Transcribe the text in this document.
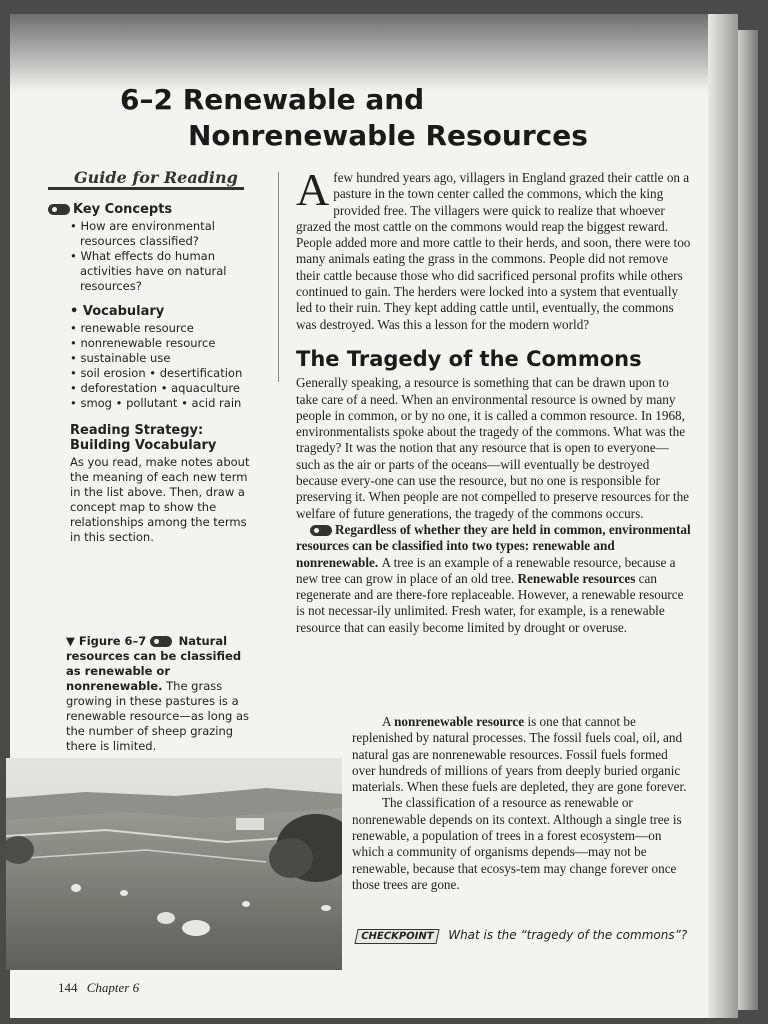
6–2 Renewable and
Nonrenewable Resources
Guide for Reading
Key Concepts
• How are environmental resources classified?
• What effects do human activities have on natural resources?
• Vocabulary
• renewable resource
• nonrenewable resource
• sustainable use
• soil erosion • desertification
• deforestation • aquaculture
• smog • pollutant • acid rain
Reading Strategy:
Building Vocabulary
As you read, make notes about the meaning of each new term in the list above. Then, draw a concept map to show the relationships among the terms in this section.
▼ Figure 6–7	Natural resources can be classified as renewable or nonrenewable. The grass growing in these pastures is a renewable resource—as long as the number of sheep grazing there is limited.
144 Chapter 6

Afew hundred years ago, villagers in England grazed their cattle on a pasture in the town center called the commons, which the king provided free. The villagers were quick to realize that whoever grazed the most cattle on the commons would reap the biggest reward. People added more and more cattle to their herds, and soon, there were too many animals eating the grass in the commons. People did not remove their cattle because those who did sacrificed personal profits while others continued to gain. The herders were locked into a system that eventually led to their ruin. They kept adding cattle until, eventually, the commons was destroyed. Was this a lesson for the modern world?

The Tragedy of the Commons

Generally speaking, a resource is something that can be drawn upon to take care of a need. When an environmental resource is owned by many people in common, or by no one, it is called a common resource. In 1968, environmentalists spoke about the tragedy of the commons. What was the tragedy? It was the notion that any resource that is open to everyone—such as the air or parts of the oceans—will eventually be destroyed because every-one can use the resource, but no one is responsible for preserving it. When people are not compelled to preserve resources for the welfare of future generations, the tragedy of the commons occurs.

Regardless of whether they are held in common, environmental resources can be classified into two types: renewable and nonrenewable. A tree is an example of a renewable resource, because a new tree can grow in place of an old tree. Renewable resources can regenerate and are there-fore replaceable. However, a renewable resource is not necessar-ily unlimited. Fresh water, for example, is a renewable resource that can easily become limited by drought or overuse.

A nonrenewable resource is one that cannot be replenished by natural processes. The fossil fuels coal, oil, and natural gas are nonrenewable resources. Fossil fuels formed over hundreds of millions of years from deeply buried organic materials. When these fuels are depleted, they are gone forever.

The classification of a resource as renewable or nonrenewable depends on its context. Although a single tree is renewable, a population of trees in a forest ecosystem—on which a community of organisms depends—may not be renewable, because that ecosys-tem may change forever once those trees are gone.

CHECKPOINT What is the “tragedy of the commons”?
